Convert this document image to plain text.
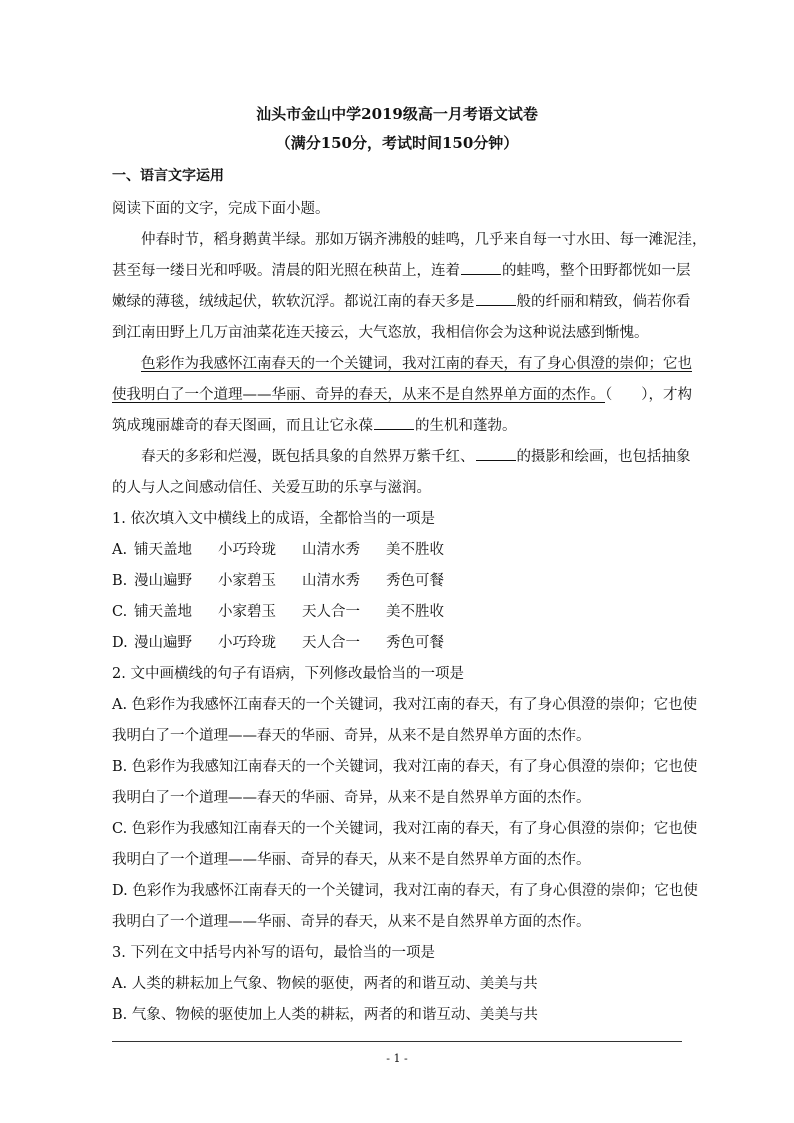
汕头市金山中学2019级高一月考语文试卷
（满分150分，考试时间150分钟）
一、语言文字运用
阅读下面的文字，完成下面小题。
仲春时节，稻身鹅黄半绿。那如万锅齐沸般的蛙鸣，几乎来自每一寸水田、每一滩泥洼，
甚至每一缕日光和呼吸。清晨的阳光照在秧苗上，连着	的蛙鸣，整个田野都恍如一层
嫩绿的薄毯，绒绒起伏，软软沉浮。都说江南的春天多是	般的纤丽和精致，倘若你看
到江南田野上几万亩油菜花连天接云，大气恣放，我相信你会为这种说法感到惭愧。
色彩作为我感怀江南春天的一个关键词，我对江南的春天，有了身心俱澄的崇仰；它也
使我明白了一个道理——华丽、奇异的春天，从来不是自然界单方面的杰作。（　　），才构
筑成瑰丽雄奇的春天图画，而且让它永葆	的生机和蓬勃。
春天的多彩和烂漫，既包括具象的自然界万紫千红、	的摄影和绘画，也包括抽象
的人与人之间感动信任、关爱互助的乐享与滋润。
1. 依次填入文中横线上的成语，全都恰当的一项是
A. 铺天盖地 小巧玲珑 山清水秀 美不胜收
B. 漫山遍野 小家碧玉 山清水秀 秀色可餐
C. 铺天盖地 小家碧玉 天人合一 美不胜收
D. 漫山遍野 小巧玲珑 天人合一 秀色可餐
2. 文中画横线的句子有语病，下列修改最恰当的一项是
A. 色彩作为我感怀江南春天的一个关键词，我对江南的春天，有了身心俱澄的崇仰；它也使
我明白了一个道理——春天的华丽、奇异，从来不是自然界单方面的杰作。
B. 色彩作为我感知江南春天的一个关键词，我对江南的春天，有了身心俱澄的崇仰；它也使
我明白了一个道理——春天的华丽、奇异，从来不是自然界单方面的杰作。
C. 色彩作为我感知江南春天的一个关键词，我对江南的春天，有了身心俱澄的崇仰；它也使
我明白了一个道理——华丽、奇异的春天，从来不是自然界单方面的杰作。
D. 色彩作为我感怀江南春天的一个关键词，我对江南的春天，有了身心俱澄的崇仰；它也使
我明白了一个道理——华丽、奇异的春天，从来不是自然界单方面的杰作。
3. 下列在文中括号内补写的语句，最恰当的一项是
A. 人类的耕耘加上气象、物候的驱使，两者的和谐互动、美美与共
B. 气象、物候的驱使加上人类的耕耘，两者的和谐互动、美美与共
- 1 -
